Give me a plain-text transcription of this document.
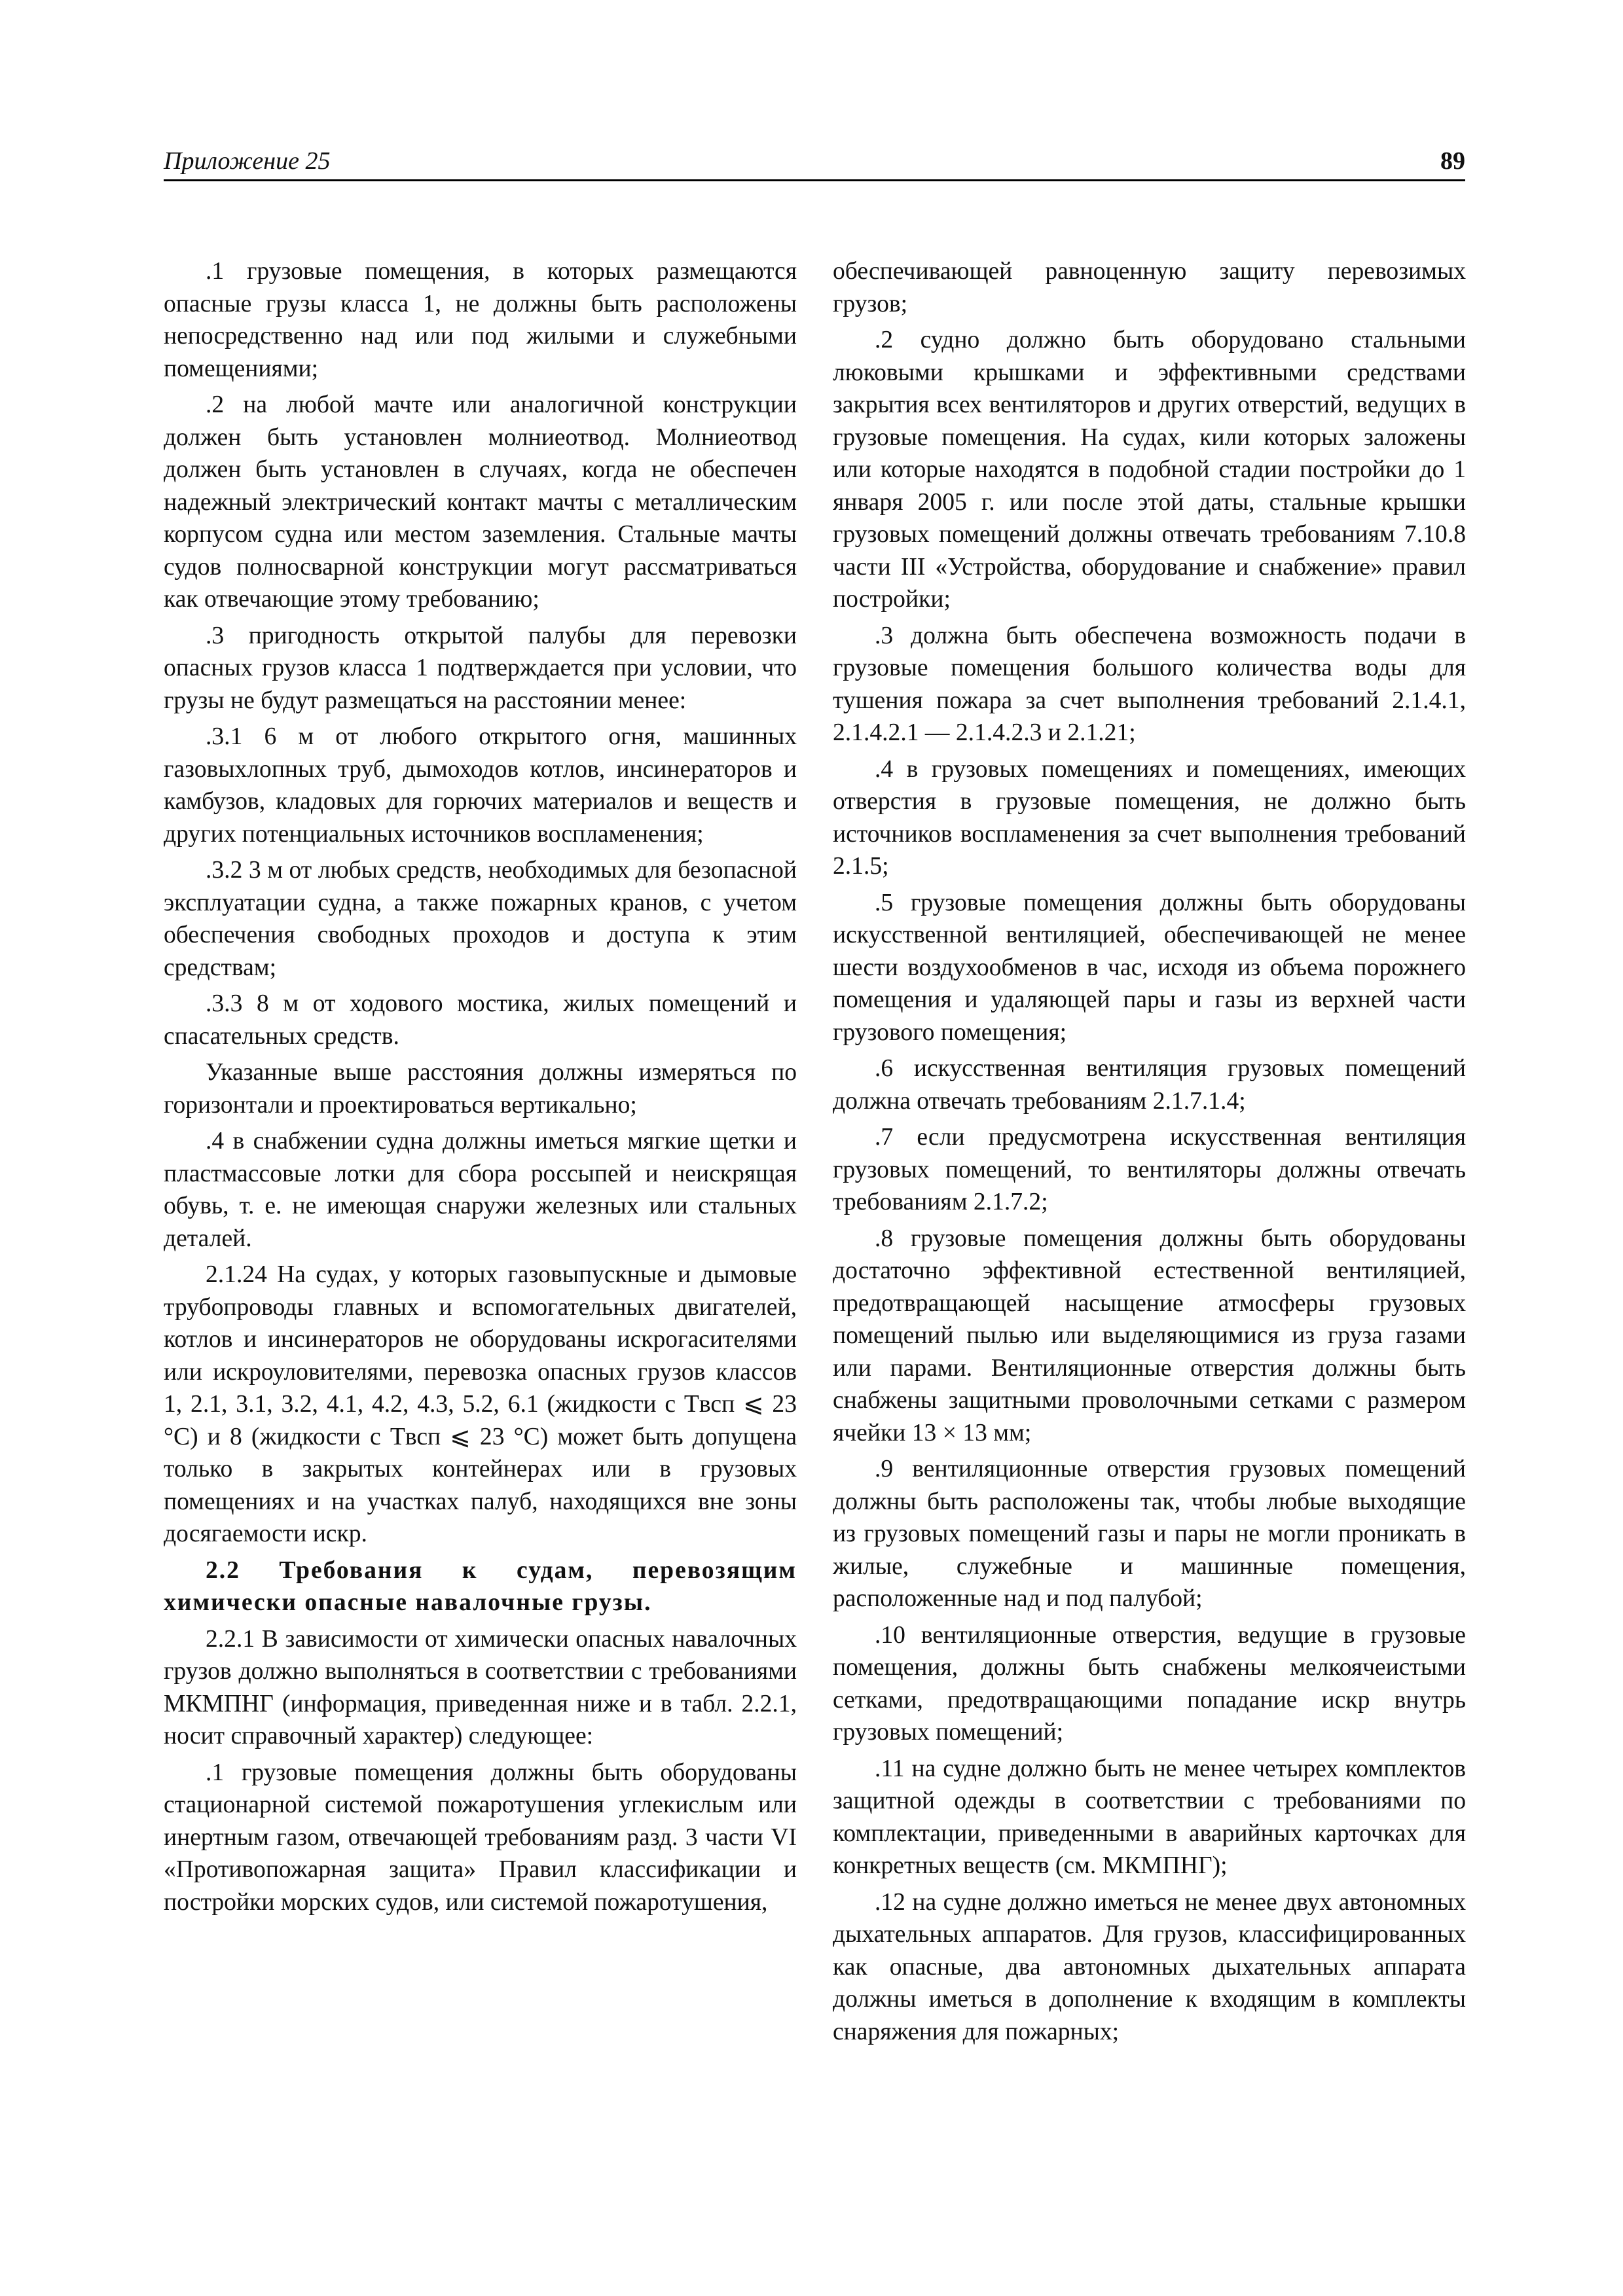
Приложение 25	89

.1 грузовые помещения, в которых размещаются опасные грузы класса 1, не должны быть расположены непосредственно над или под жилыми и служебными помещениями;

.2 на любой мачте или аналогичной конструкции должен быть установлен молниеотвод. Молниеотвод должен быть установлен в случаях, когда не обеспечен надежный электрический контакт мачты с металлическим корпусом судна или местом заземления. Стальные мачты судов полносварной конструкции могут рассматриваться как отвечающие этому требованию;

.3 пригодность открытой палубы для перевозки опасных грузов класса 1 подтверждается при условии, что грузы не будут размещаться на расстоянии менее:

.3.1 6 м от любого открытого огня, машинных газовыхлопных труб, дымоходов котлов, инсинераторов и камбузов, кладовых для горючих материалов и веществ и других потенциальных источников воспламенения;

.3.2 3 м от любых средств, необходимых для безопасной эксплуатации судна, а также пожарных кранов, с учетом обеспечения свободных проходов и доступа к этим средствам;

.3.3 8 м от ходового мостика, жилых помещений и спасательных средств.

Указанные выше расстояния должны измеряться по горизонтали и проектироваться вертикально;

.4 в снабжении судна должны иметься мягкие щетки и пластмассовые лотки для сбора россыпей и неискрящая обувь, т. е. не имеющая снаружи железных или стальных деталей.

2.1.24 На судах, у которых газовыпускные и дымовые трубопроводы главных и вспомогательных двигателей, котлов и инсинераторов не оборудованы искрогасителями или искроуловителями, перевозка опасных грузов классов 1, 2.1, 3.1, 3.2, 4.1, 4.2, 4.3, 5.2, 6.1 (жидкости с Tвсп ⩽ 23 °C) и 8 (жидкости с Tвсп ⩽ 23 °C) может быть допущена только в закрытых контейнерах или в грузовых помещениях и на участках палуб, находящихся вне зоны досягаемости искр.

2.2 Требования к судам, перевозящим химически опасные навалочные грузы.

2.2.1 В зависимости от химически опасных навалочных грузов должно выполняться в соответствии с требованиями МКМПНГ (информация, приведенная ниже и в табл. 2.2.1, носит справочный характер) следующее:

.1 грузовые помещения должны быть оборудованы стационарной системой пожаротушения углекислым или инертным газом, отвечающей требованиям разд. 3 части VI «Противопожарная защита» Правил классификации и постройки морских судов, или системой пожаротушения,

обеспечивающей равноценную защиту перевозимых грузов;

.2 судно должно быть оборудовано стальными люковыми крышками и эффективными средствами закрытия всех вентиляторов и других отверстий, ведущих в грузовые помещения. На судах, кили которых заложены или которые находятся в подобной стадии постройки до 1 января 2005 г. или после этой даты, стальные крышки грузовых помещений должны отвечать требованиям 7.10.8 части III «Устройства, оборудование и снабжение» правил постройки;

.3 должна быть обеспечена возможность подачи в грузовые помещения большого количества воды для тушения пожара за счет выполнения требований 2.1.4.1, 2.1.4.2.1 — 2.1.4.2.3 и 2.1.21;

.4 в грузовых помещениях и помещениях, имеющих отверстия в грузовые помещения, не должно быть источников воспламенения за счет выполнения требований 2.1.5;

.5 грузовые помещения должны быть оборудованы искусственной вентиляцией, обеспечивающей не менее шести воздухообменов в час, исходя из объема порожнего помещения и удаляющей пары и газы из верхней части грузового помещения;

.6 искусственная вентиляция грузовых помещений должна отвечать требованиям 2.1.7.1.4;

.7 если предусмотрена искусственная вентиляция грузовых помещений, то вентиляторы должны отвечать требованиям 2.1.7.2;

.8 грузовые помещения должны быть оборудованы достаточно эффективной естественной вентиляцией, предотвращающей насыщение атмосферы грузовых помещений пылью или выделяющимися из груза газами или парами. Вентиляционные отверстия должны быть снабжены защитными проволочными сетками с размером ячейки 13 × 13 мм;

.9 вентиляционные отверстия грузовых помещений должны быть расположены так, чтобы любые выходящие из грузовых помещений газы и пары не могли проникать в жилые, служебные и машинные помещения, расположенные над и под палубой;

.10 вентиляционные отверстия, ведущие в грузовые помещения, должны быть снабжены мелкоячеистыми сетками, предотвращающими попадание искр внутрь грузовых помещений;

.11 на судне должно быть не менее четырех комплектов защитной одежды в соответствии с требованиями по комплектации, приведенными в аварийных карточках для конкретных веществ (см. МКМПНГ);

.12 на судне должно иметься не менее двух автономных дыхательных аппаратов. Для грузов, классифицированных как опасные, два автономных дыхательных аппарата должны иметься в дополнение к входящим в комплекты снаряжения для пожарных;
